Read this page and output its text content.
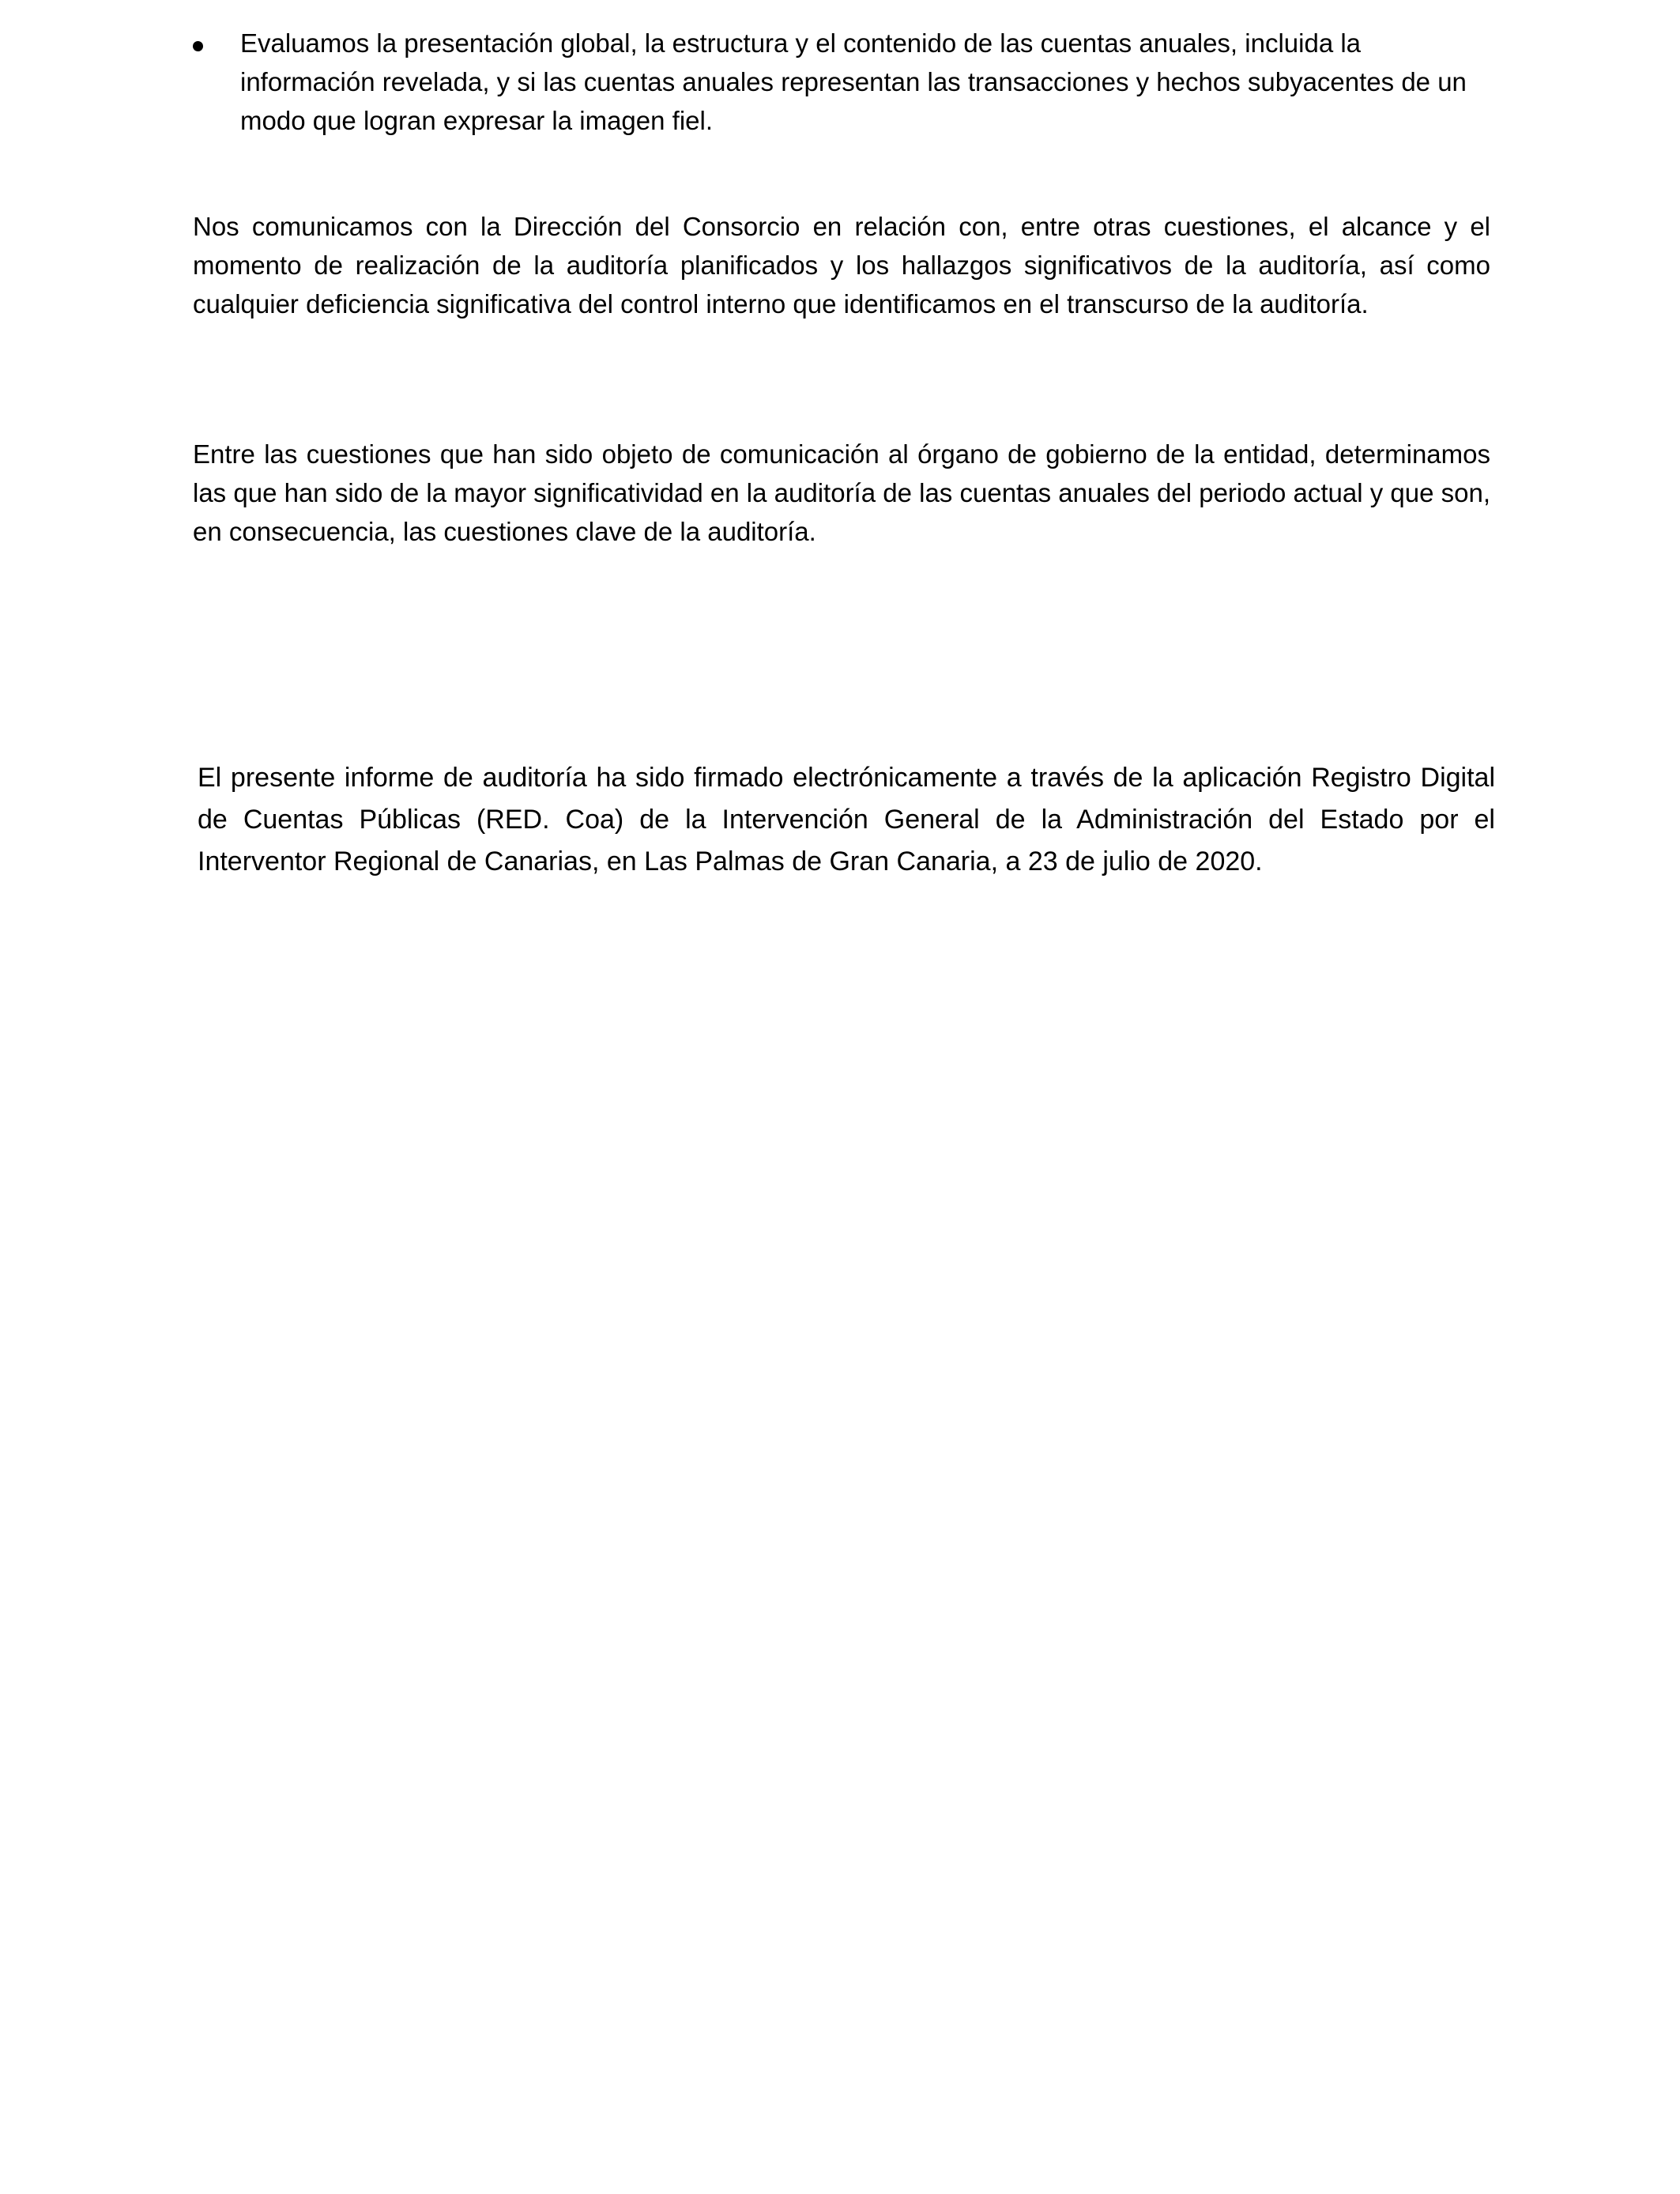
Evaluamos la presentación global, la estructura y el contenido de las cuentas anuales, incluida la información revelada, y si las cuentas anuales representan las transacciones y hechos subyacentes de un modo que logran expresar la imagen fiel.

Nos comunicamos con la Dirección del Consorcio en relación con, entre otras cuestiones, el alcance y el momento de realización de la auditoría planificados y los hallazgos significativos de la auditoría, así como cualquier deficiencia significativa del control interno que identificamos en el transcurso de la auditoría.

Entre las cuestiones que han sido objeto de comunicación al órgano de gobierno de la entidad, determinamos las que han sido de la mayor significatividad en la auditoría de las cuentas anuales del periodo actual y que son, en consecuencia, las cuestiones clave de la auditoría.

El presente informe de auditoría ha sido firmado electrónicamente a través de la aplicación Registro Digital de Cuentas Públicas (RED. Coa) de la Intervención General de la Administración del Estado por el Interventor Regional de Canarias, en Las Palmas de Gran Canaria, a 23 de julio de 2020.
